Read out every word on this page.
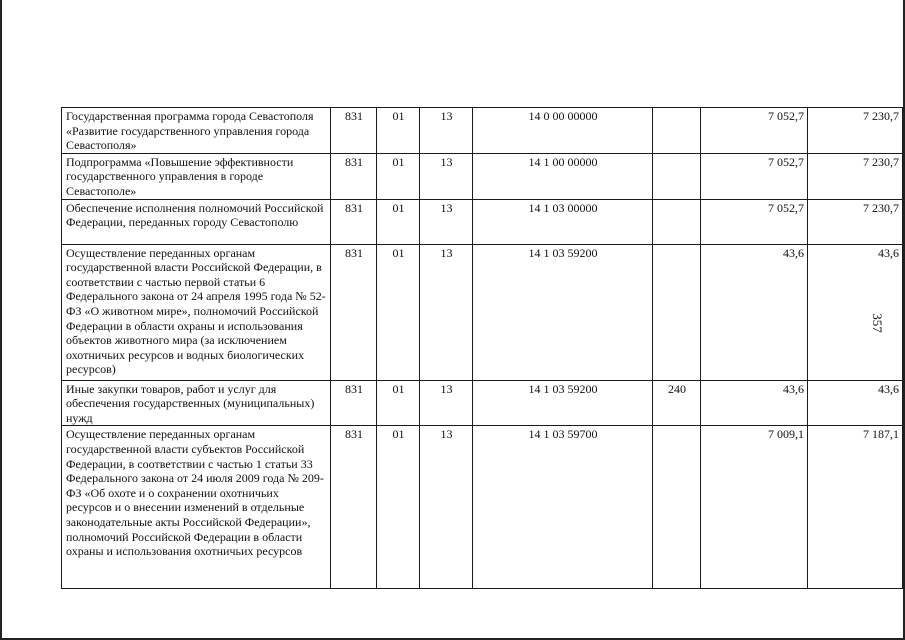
357
Государственная программа города Севастополя «Развитие государственного управления города Севастополя»	831	01	13	14 0 00 00000		7 052,7	7 230,7
Подпрограмма «Повышение эффективности государственного управления в городе Севастополе»	831	01	13	14 1 00 00000		7 052,7	7 230,7
Обеспечение исполнения полномочий Российской Федерации, переданных городу Севастополю	831	01	13	14 1 03 00000		7 052,7	7 230,7
Осуществление переданных органам государственной власти Российской Федерации, в соответствии с частью первой статьи 6 Федерального закона от 24 апреля 1995 года № 52-ФЗ «О животном мире», полномочий Российской Федерации в области охраны и использования объектов животного мира (за исключением охотничьих ресурсов и водных биологических ресурсов)	831	01	13	14 1 03 59200		43,6	43,6
Иные закупки товаров, работ и услуг для обеспечения государственных (муниципальных) нужд	831	01	13	14 1 03 59200	240	43,6	43,6
Осуществление переданных органам государственной власти субъектов Российской Федерации, в соответствии с частью 1 статьи 33 Федерального закона от 24 июля 2009 года № 209-ФЗ «Об охоте и о сохранении охотничьих ресурсов и о внесении изменений в отдельные законодательные акты Российской Федерации», полномочий Российской Федерации в области охраны и использования охотничьих ресурсов	831	01	13	14 1 03 59700		7 009,1	7 187,1
